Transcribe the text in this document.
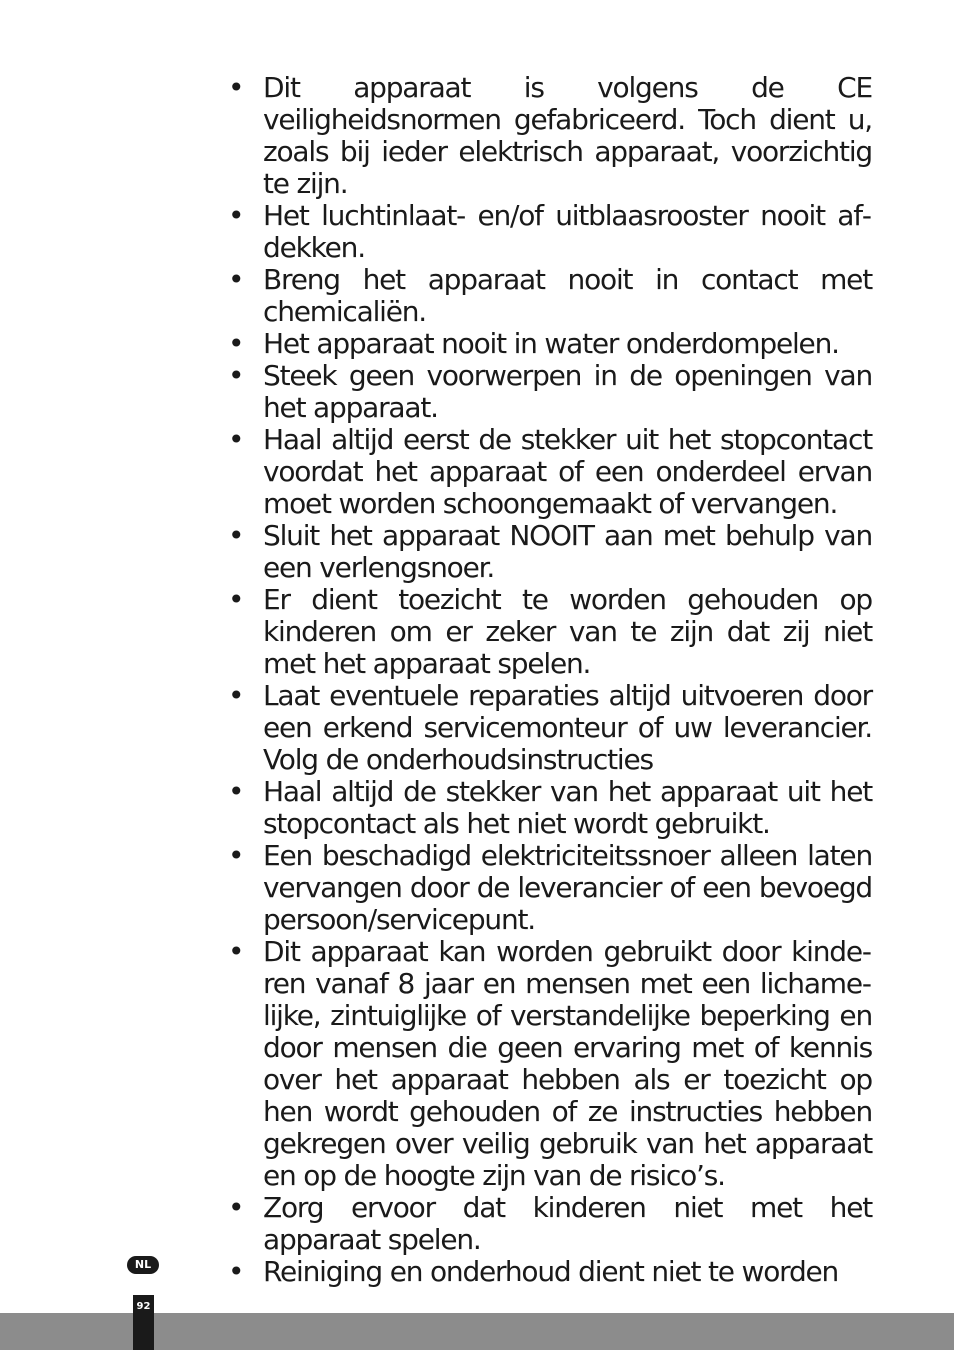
• Dit apparaat is volgens de CE veiligheidsnormen gefabriceerd. Toch dient u, zoals bij ieder elektrisch apparaat, voorzichtig te zijn.
• Het luchtinlaat- en/of uitblaasrooster nooit afdekken.
• Breng het apparaat nooit in contact met chemicaliën.
• Het apparaat nooit in water onderdompelen.
• Steek geen voorwerpen in de openingen van het apparaat.
• Haal altijd eerst de stekker uit het stopcontact voordat het apparaat of een onderdeel ervan moet worden schoongemaakt of vervangen.
• Sluit het apparaat NOOIT aan met behulp van een verlengsnoer.
• Er dient toezicht te worden gehouden op kinderen om er zeker van te zijn dat zij niet met het apparaat spelen.
• Laat eventuele reparaties altijd uitvoeren door een erkend servicemonteur of uw leverancier. Volg de onderhoudsinstructies
• Haal altijd de stekker van het apparaat uit het stopcontact als het niet wordt gebruikt.
• Een beschadigd elektriciteitssnoer alleen laten vervangen door de leverancier of een bevoegd persoon/servicepunt.
• Dit apparaat kan worden gebruikt door kinderen vanaf 8 jaar en mensen met een lichamelijke, zintuiglijke of verstandelijke beperking en door mensen die geen ervaring met of kennis over het apparaat hebben als er toezicht op hen wordt gehouden of ze instructies hebben gekregen over veilig gebruik van het apparaat en op de hoogte zijn van de risico’s.
• Zorg ervoor dat kinderen niet met het apparaat spelen.
• Reiniging en onderhoud dient niet te worden
NL
92
